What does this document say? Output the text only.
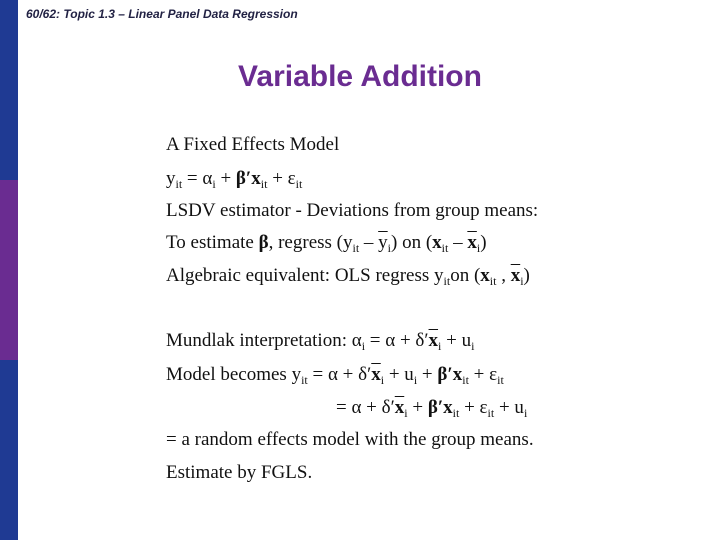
60/62: Topic 1.3 – Linear Panel Data Regression
Variable Addition
A Fixed Effects Model
$y_{it} = \alpha_i + \beta'x_{it} + \varepsilon_{it}$
LSDV estimator - Deviations from group means:
To estimate β, regress $(y_{it} - \overline{y}_i)$ on $(x_{it} - \overline{x}_i)$
Algebraic equivalent: OLS regress $y_{it}on$ ($x_{it}$ , $\overline{x}_i$)
Mundlak interpretation: $\alpha_i = \alpha + \delta'\overline{x}_i + u_i$
Model becomes $y_{it} = \alpha + \delta'\overline{x}_i + u_i + \beta'x_{it} + \varepsilon_{it}$
= $\alpha + \delta'\overline{x}_i + \beta'x_{it} + \varepsilon_{it} + u_i$
= a random effects model with the group means.
Estimate by FGLS.
